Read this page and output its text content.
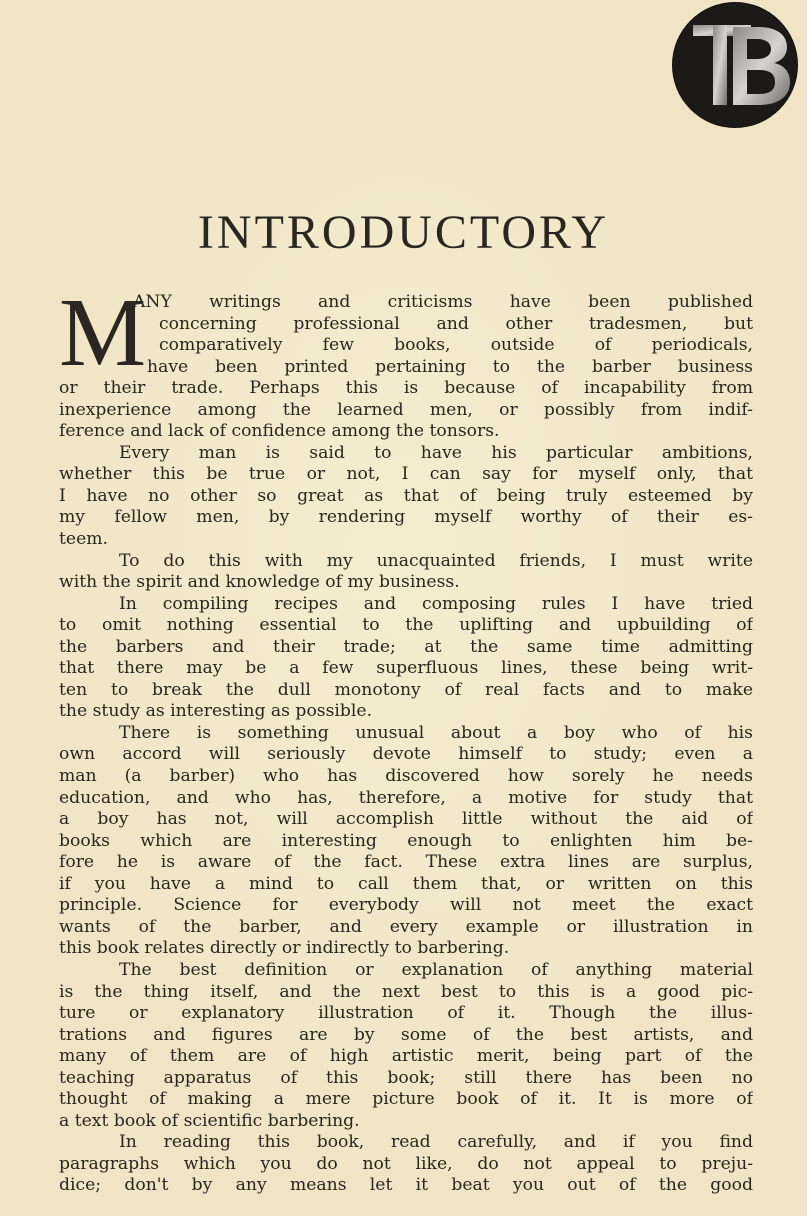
INTRODUCTORY
M
ANY writings and criticisms have been published
concerning professional and other tradesmen, but
comparatively few books, outside of periodicals,
have been printed pertaining to the barber business
or their trade. Perhaps this is because of incapability from
inexperience among the learned men, or possibly from indif-
ference and lack of confidence among the tonsors.
Every man is said to have his particular ambitions,
whether this be true or not, I can say for myself only, that
I have no other so great as that of being truly esteemed by
my fellow men, by rendering myself worthy of their es-
teem.
To do this with my unacquainted friends, I must write
with the spirit and knowledge of my business.
In compiling recipes and composing rules I have tried
to omit nothing essential to the uplifting and upbuilding of
the barbers and their trade; at the same time admitting
that there may be a few superfluous lines, these being writ-
ten to break the dull monotony of real facts and to make
the study as interesting as possible.
There is something unusual about a boy who of his
own accord will seriously devote himself to study; even a
man (a barber) who has discovered how sorely he needs
education, and who has, therefore, a motive for study that
a boy has not, will accomplish little without the aid of
books which are interesting enough to enlighten him be-
fore he is aware of the fact. These extra lines are surplus,
if you have a mind to call them that, or written on this
principle. Science for everybody will not meet the exact
wants of the barber, and every example or illustration in
this book relates directly or indirectly to barbering.
The best definition or explanation of anything material
is the thing itself, and the next best to this is a good pic-
ture or explanatory illustration of it. Though the illus-
trations and figures are by some of the best artists, and
many of them are of high artistic merit, being part of the
teaching apparatus of this book; still there has been no
thought of making a mere picture book of it. It is more of
a text book of scientific barbering.
In reading this book, read carefully, and if you find
paragraphs which you do not like, do not appeal to preju-
dice; don't by any means let it beat you out of the good
